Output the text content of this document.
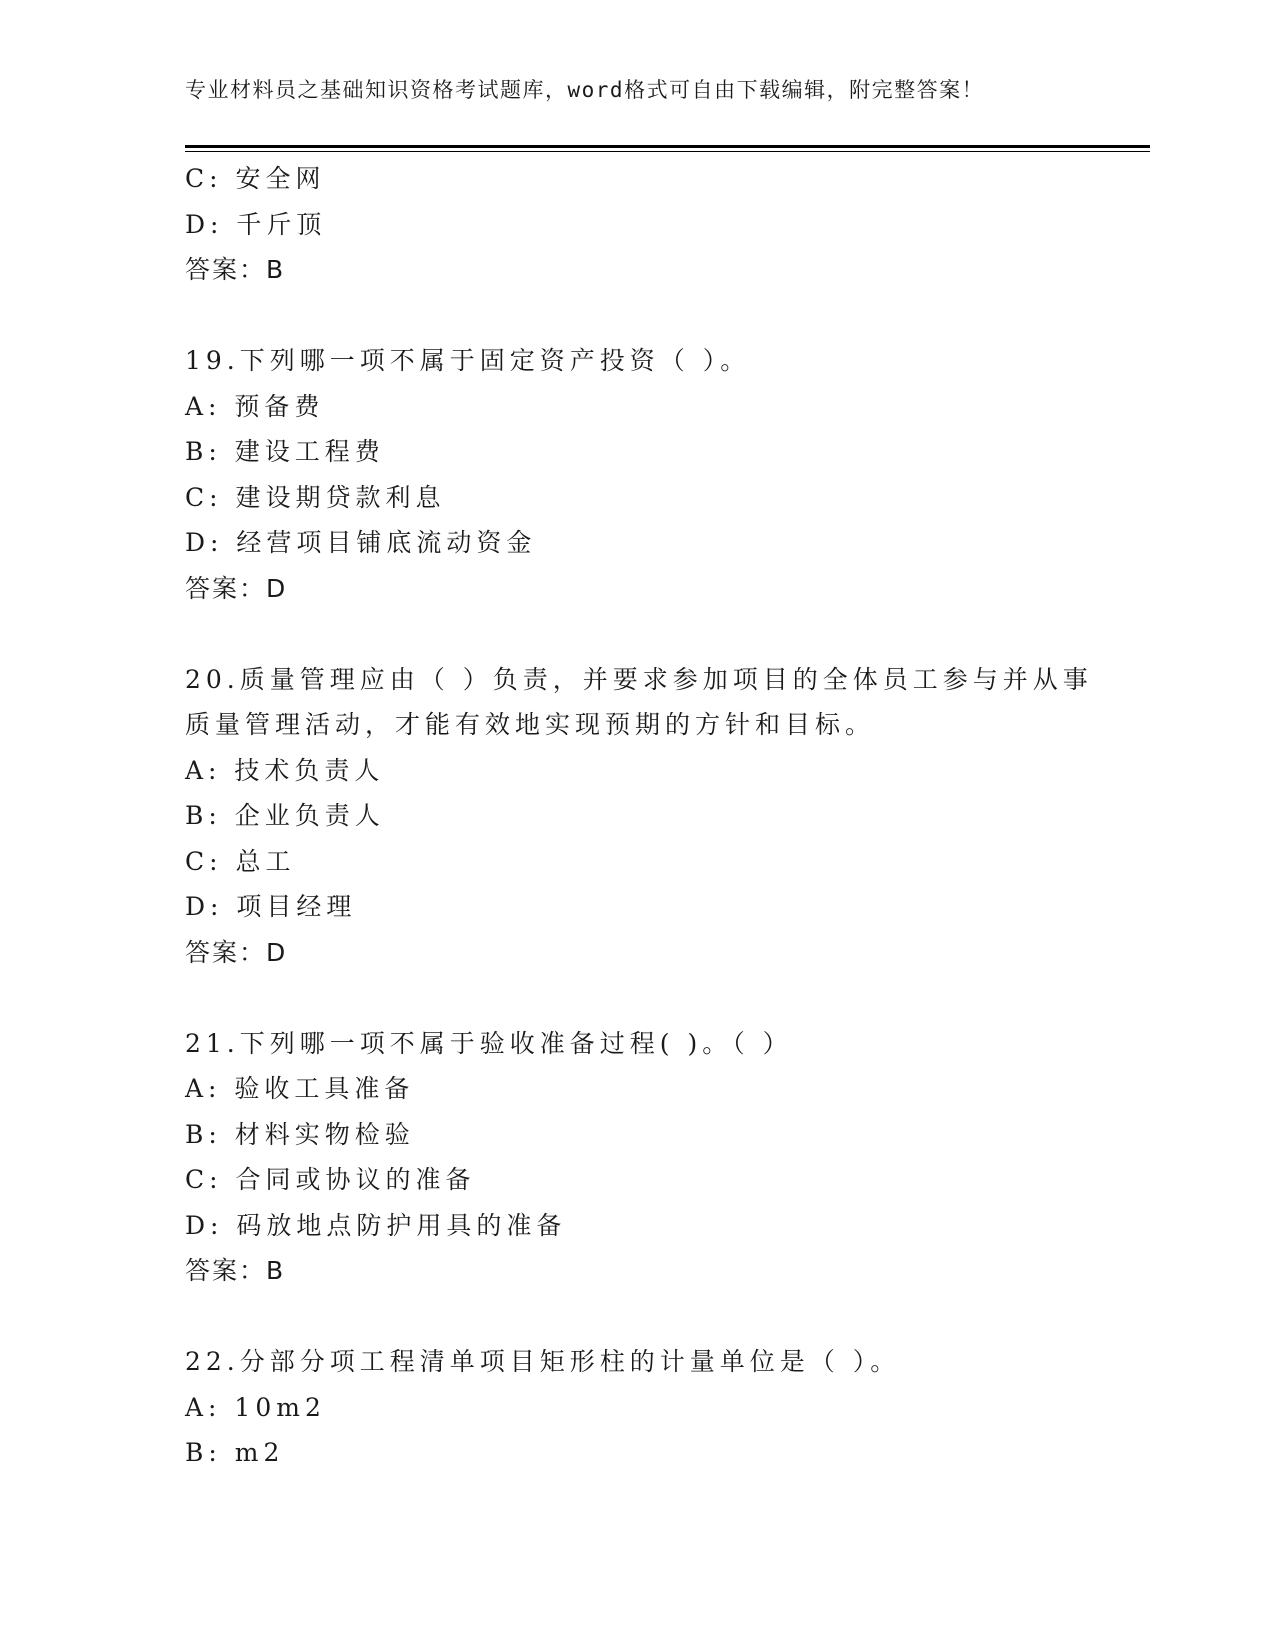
专业材料员之基础知识资格考试题库，word格式可自由下载编辑，附完整答案！
C: 安全网
D: 千斤顶
答案：B
19.下列哪一项不属于固定资产投资（ ）。
A: 预备费
B: 建设工程费
C: 建设期贷款利息
D: 经营项目铺底流动资金
答案：D
20.质量管理应由（ ）负责，并要求参加项目的全体员工参与并从事
质量管理活动，才能有效地实现预期的方针和目标。
A: 技术负责人
B: 企业负责人
C: 总工
D: 项目经理
答案：D
21.下列哪一项不属于验收准备过程( )。（ ）
A: 验收工具准备
B: 材料实物检验
C: 合同或协议的准备
D: 码放地点防护用具的准备
答案：B
22.分部分项工程清单项目矩形柱的计量单位是（ ）。
A: 10m2
B: m2
